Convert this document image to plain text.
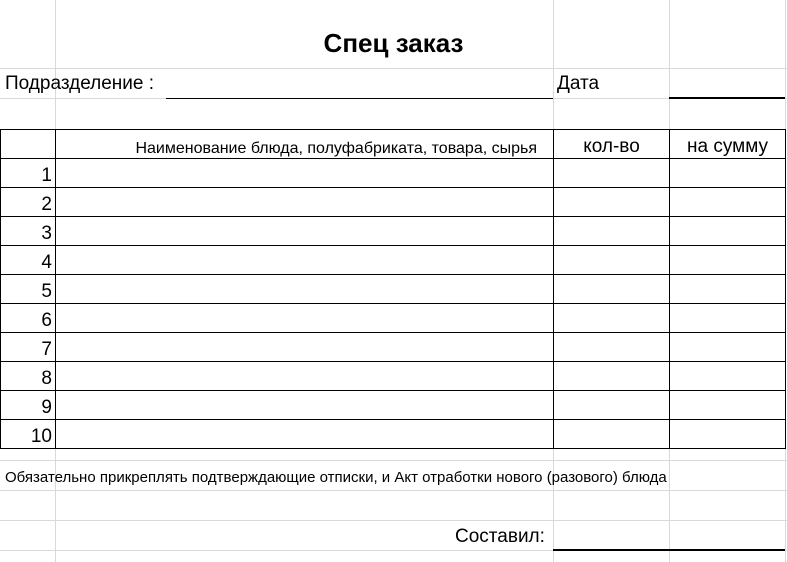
Спец заказ
Подразделение :	Дата
	Наименование блюда, полуфабриката, товара, сырья	кол-во	на сумму
1			
2			
3			
4			
5			
6			
7			
8			
9			
10			
Обязательно прикреплять подтверждающие отписки, и Акт отработки нового (разового) блюда
Составил:
